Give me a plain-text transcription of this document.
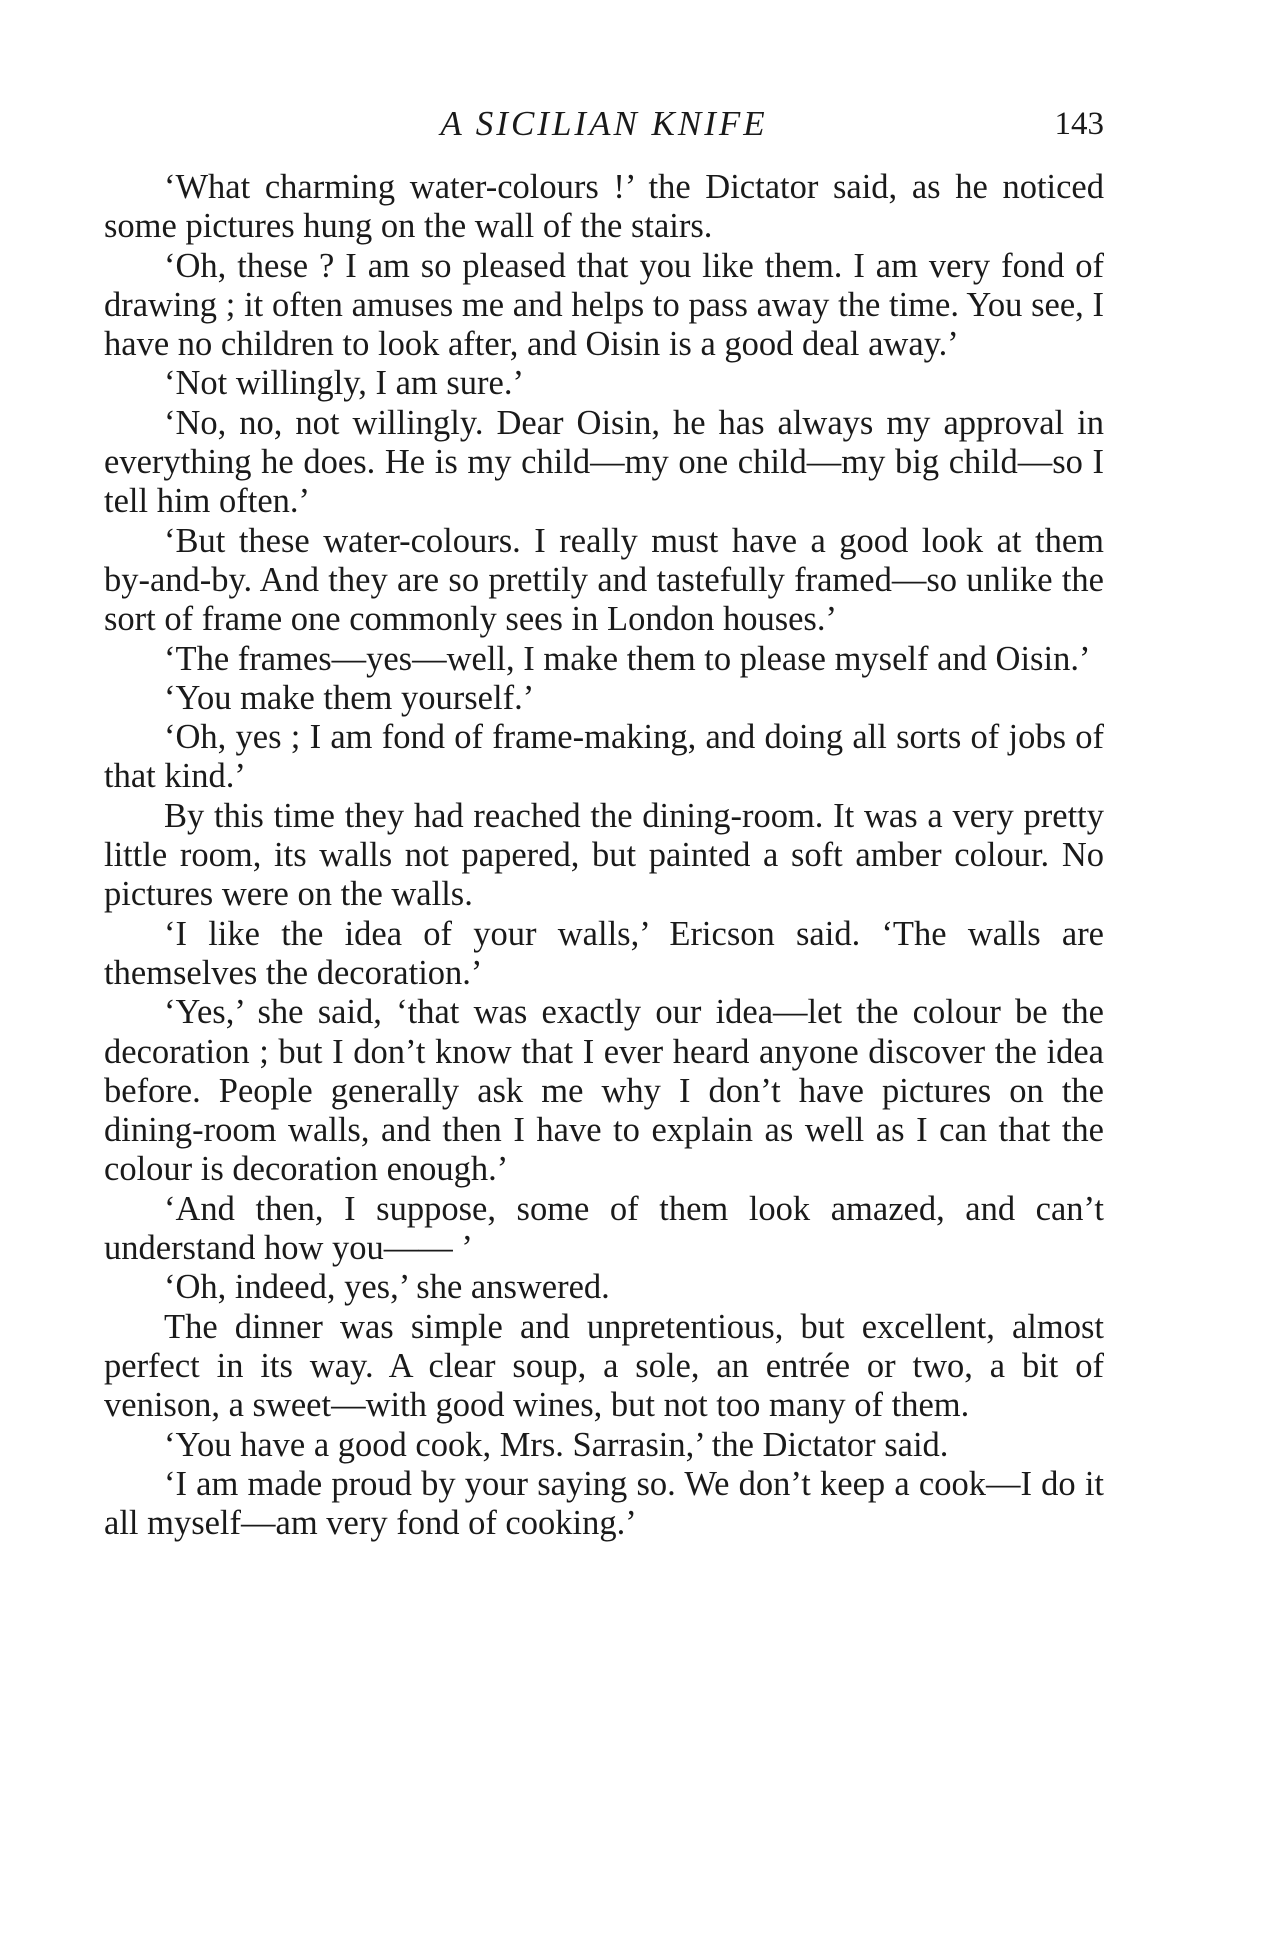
A SICILIAN KNIFE	143

‘What charming water-colours !’ the Dictator said, as he noticed some pictures hung on the wall of the stairs.

‘Oh, these ? I am so pleased that you like them. I am very fond of drawing ; it often amuses me and helps to pass away the time. You see, I have no children to look after, and Oisin is a good deal away.’

‘Not willingly, I am sure.’

‘No, no, not willingly. Dear Oisin, he has always my approval in everything he does. He is my child—my one child—my big child—so I tell him often.’

‘But these water-colours. I really must have a good look at them by-and-by. And they are so prettily and tastefully framed—so unlike the sort of frame one commonly sees in London houses.’

‘The frames—yes—well, I make them to please myself and Oisin.’

‘You make them yourself.’

‘Oh, yes ; I am fond of frame-making, and doing all sorts of jobs of that kind.’

By this time they had reached the dining-room. It was a very pretty little room, its walls not papered, but painted a soft amber colour. No pictures were on the walls.

‘I like the idea of your walls,’ Ericson said. ‘The walls are themselves the decoration.’

‘Yes,’ she said, ‘that was exactly our idea—let the colour be the decoration ; but I don’t know that I ever heard anyone discover the idea before. People generally ask me why I don’t have pictures on the dining-room walls, and then I have to explain as well as I can that the colour is decoration enough.’

‘And then, I suppose, some of them look amazed, and can’t understand how you—— ’

‘Oh, indeed, yes,’ she answered.

The dinner was simple and unpretentious, but excellent, almost perfect in its way. A clear soup, a sole, an entrée or two, a bit of venison, a sweet—with good wines, but not too many of them.

‘You have a good cook, Mrs. Sarrasin,’ the Dictator said.

‘I am made proud by your saying so. We don’t keep a cook—I do it all myself—am very fond of cooking.’
